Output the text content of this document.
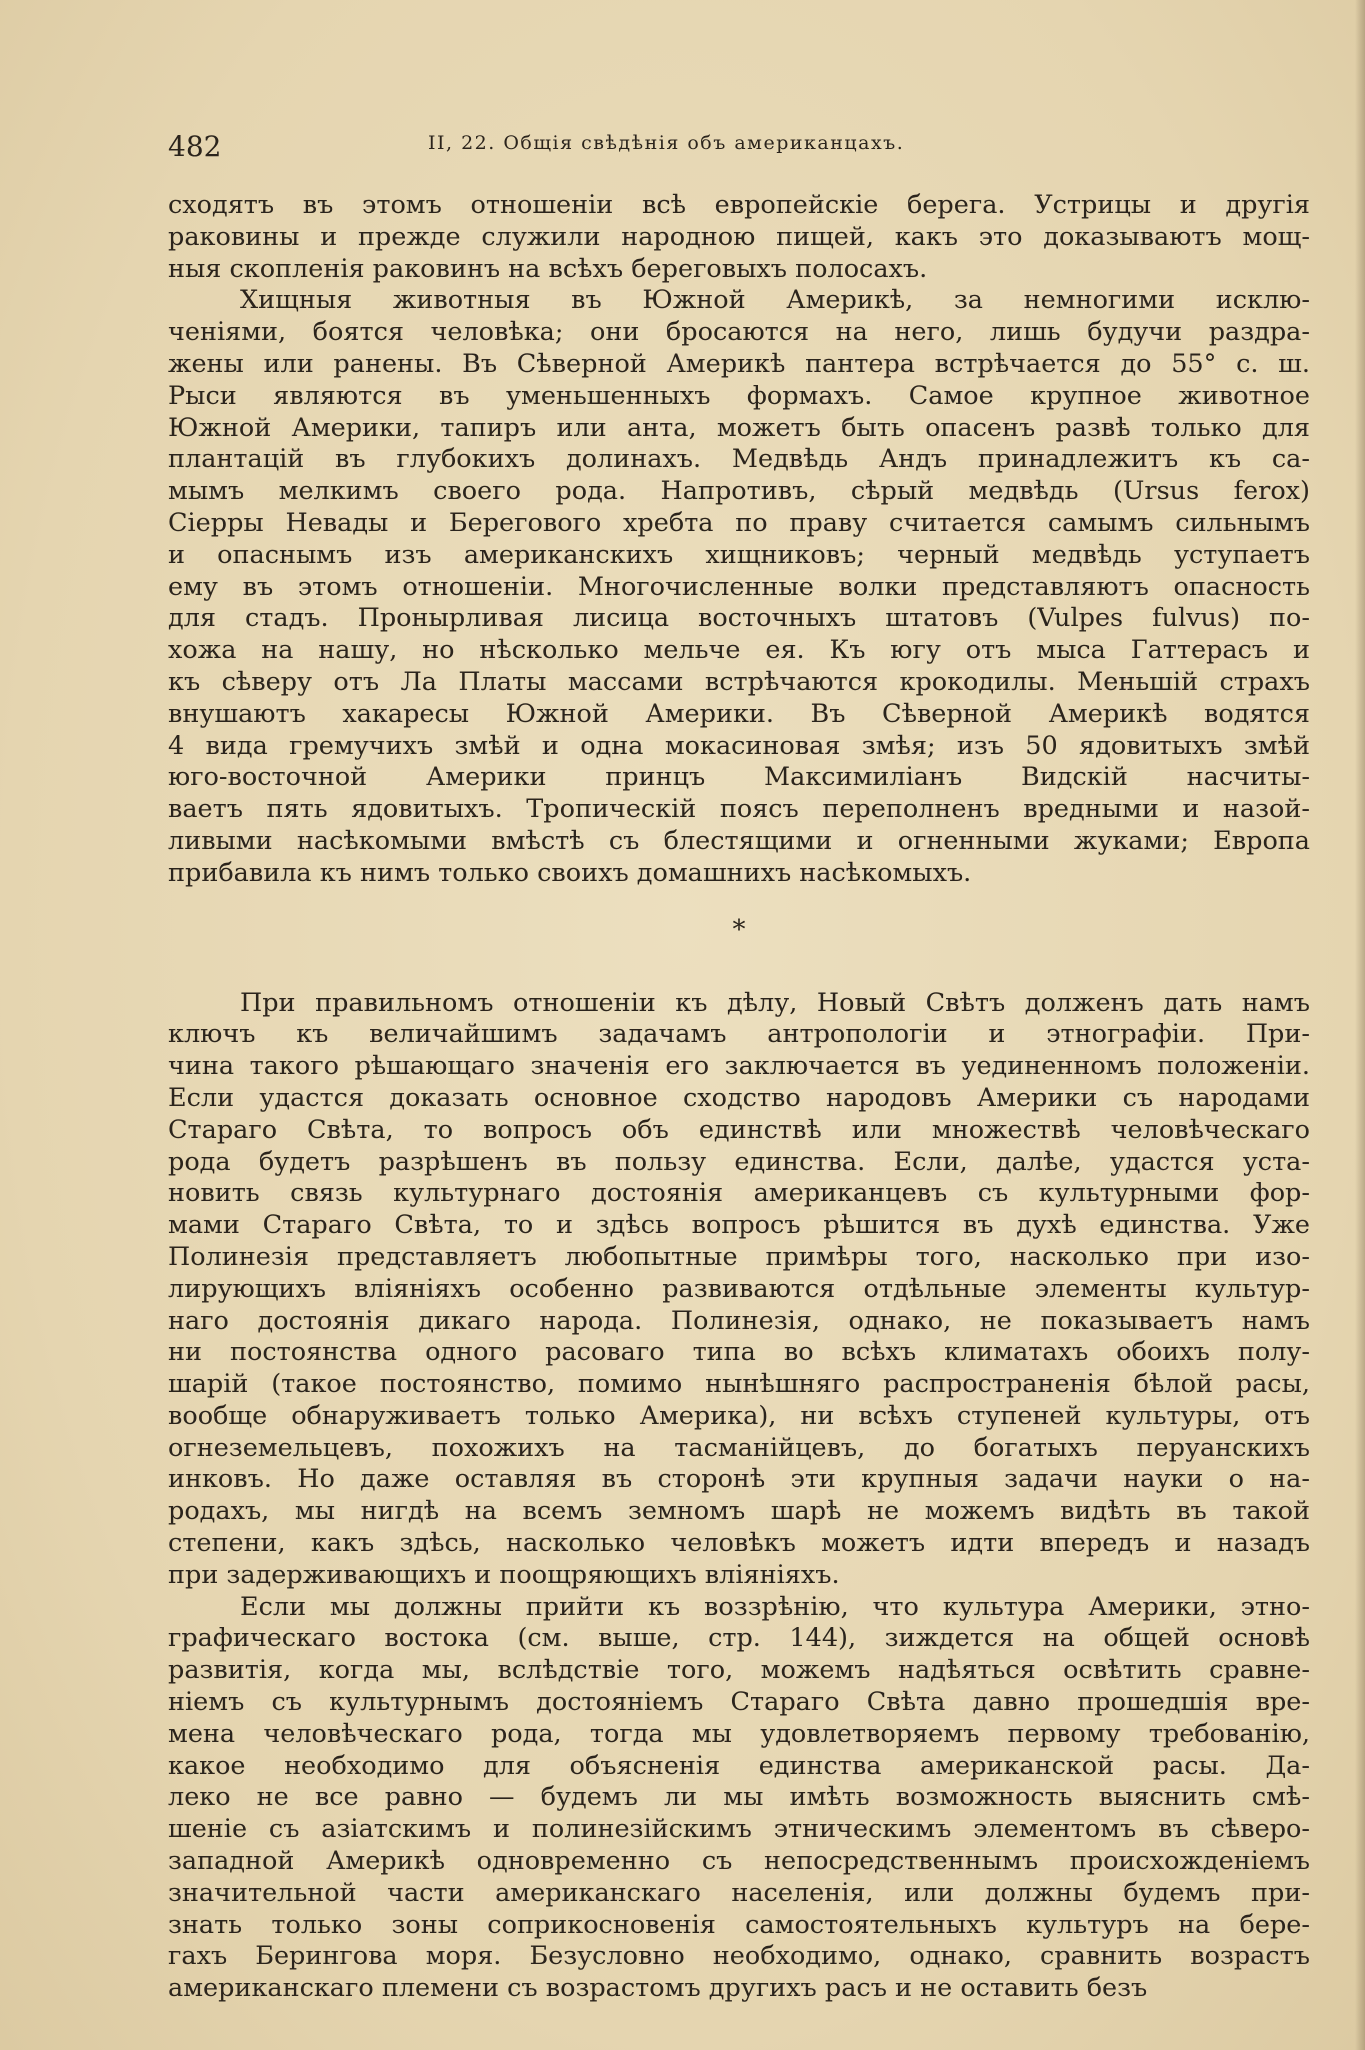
482	II, 22. Общія свѣдѣнія объ американцахъ.
сходятъ въ этомъ отношеніи всѣ европейскіе берега. Устрицы и другія
раковины и прежде служили народною пищей, какъ это доказываютъ мощ-
ныя скопленія раковинъ на всѣхъ береговыхъ полосахъ.
Хищныя животныя въ Южной Америкѣ, за немногими исклю-
ченіями, боятся человѣка; они бросаются на него, лишь будучи раздра-
жены или ранены. Въ Сѣверной Америкѣ пантера встрѣчается до 55° с. ш.
Рыси являются въ уменьшенныхъ формахъ. Самое крупное животное
Южной Америки, тапиръ или анта, можетъ быть опасенъ развѣ только для
плантацій въ глубокихъ долинахъ. Медвѣдь Андъ принадлежитъ къ са-
мымъ мелкимъ своего рода. Напротивъ, сѣрый медвѣдь (Ursus ferox)
Сіерры Невады и Берегового хребта по праву считается самымъ сильнымъ
и опаснымъ изъ американскихъ хищниковъ; черный медвѣдь уступаетъ
ему въ этомъ отношеніи. Многочисленные волки представляютъ опасность
для стадъ. Пронырливая лисица восточныхъ штатовъ (Vulpes fulvus) по-
хожа на нашу, но нѣсколько мельче ея. Къ югу отъ мыса Гаттерасъ и
къ сѣверу отъ Ла Платы массами встрѣчаются крокодилы. Меньшій страхъ
внушаютъ хакаресы Южной Америки. Въ Сѣверной Америкѣ водятся
4 вида гремучихъ змѣй и одна мокасиновая змѣя; изъ 50 ядовитыхъ змѣй
юго-восточной Америки принцъ Максимиліанъ Видскій насчиты-
ваетъ пять ядовитыхъ. Тропическій поясъ переполненъ вредными и назой-
ливыми насѣкомыми вмѣстѣ съ блестящими и огненными жуками; Европа
прибавила къ нимъ только своихъ домашнихъ насѣкомыхъ.
*
При правильномъ отношеніи къ дѣлу, Новый Свѣтъ долженъ дать намъ
ключъ къ величайшимъ задачамъ антропологіи и этнографіи. При-
чина такого рѣшающаго значенія его заключается въ уединенномъ положеніи.
Если удастся доказать основное сходство народовъ Америки съ народами
Стараго Свѣта, то вопросъ объ единствѣ или множествѣ человѣческаго
рода будетъ разрѣшенъ въ пользу единства. Если, далѣе, удастся уста-
новить связь культурнаго достоянія американцевъ съ культурными фор-
мами Стараго Свѣта, то и здѣсь вопросъ рѣшится въ духѣ единства. Уже
Полинезія представляетъ любопытные примѣры того, насколько при изо-
лирующихъ вліяніяхъ особенно развиваются отдѣльные элементы культур-
наго достоянія дикаго народа. Полинезія, однако, не показываетъ намъ
ни постоянства одного расоваго типа во всѣхъ климатахъ обоихъ полу-
шарій (такое постоянство, помимо нынѣшняго распространенія бѣлой расы,
вообще обнаруживаетъ только Америка), ни всѣхъ ступеней культуры, отъ
огнеземельцевъ, похожихъ на тасманійцевъ, до богатыхъ перуанскихъ
инковъ. Но даже оставляя въ сторонѣ эти крупныя задачи науки о на-
родахъ, мы нигдѣ на всемъ земномъ шарѣ не можемъ видѣть въ такой
степени, какъ здѣсь, насколько человѣкъ можетъ идти впередъ и назадъ
при задерживающихъ и поощряющихъ вліяніяхъ.
Если мы должны прийти къ воззрѣнію, что культура Америки, этно-
графическаго востока (см. выше, стр. 144), зиждется на общей основѣ
развитія, когда мы, вслѣдствіе того, можемъ надѣяться освѣтить сравне-
ніемъ съ культурнымъ достояніемъ Стараго Свѣта давно прошедшія вре-
мена человѣческаго рода, тогда мы удовлетворяемъ первому требованію,
какое необходимо для объясненія единства американской расы. Да-
леко не все равно — будемъ ли мы имѣть возможность выяснить смѣ-
шеніе съ азіатскимъ и полинезійскимъ этническимъ элементомъ въ сѣверо-
западной Америкѣ одновременно съ непосредственнымъ происхожденіемъ
значительной части американскаго населенія, или должны будемъ при-
знать только зоны соприкосновенія самостоятельныхъ культуръ на бере-
гахъ Берингова моря. Безусловно необходимо, однако, сравнить возрастъ
американскаго племени съ возрастомъ другихъ расъ и не оставить безъ
